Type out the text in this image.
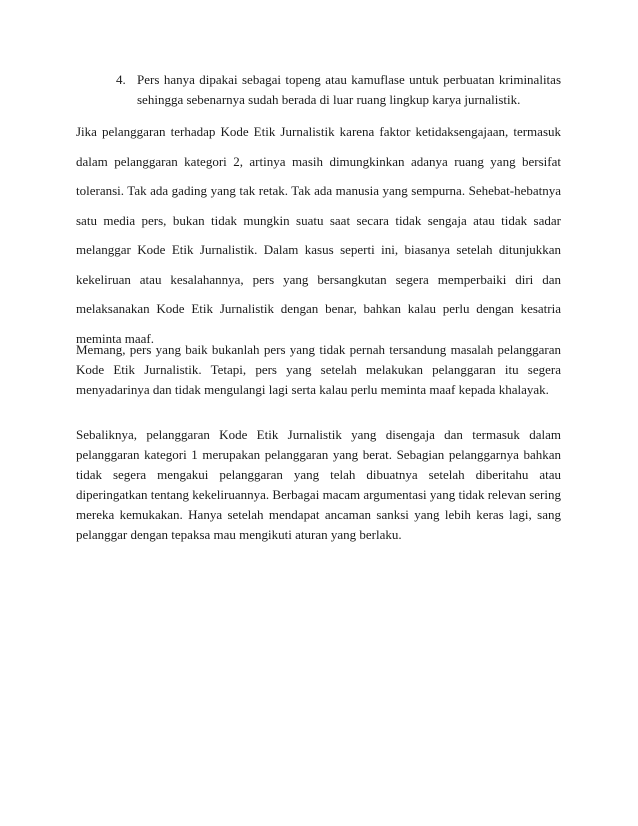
4. Pers hanya dipakai sebagai topeng atau kamuflase untuk perbuatan kriminalitas sehingga sebenarnya sudah berada di luar ruang lingkup karya jurnalistik.

Jika pelanggaran terhadap Kode Etik Jurnalistik karena faktor ketidaksengajaan, termasuk dalam pelanggaran kategori 2, artinya masih dimungkinkan adanya ruang yang bersifat toleransi. Tak ada gading yang tak retak. Tak ada manusia yang sempurna. Sehebat-hebatnya satu media pers, bukan tidak mungkin suatu saat secara tidak sengaja atau tidak sadar melanggar Kode Etik Jurnalistik. Dalam kasus seperti ini, biasanya setelah ditunjukkan kekeliruan atau kesalahannya, pers yang bersangkutan segera memperbaiki diri dan melaksanakan Kode Etik Jurnalistik dengan benar, bahkan kalau perlu dengan kesatria meminta maaf.

Memang, pers yang baik bukanlah pers yang tidak pernah tersandung masalah pelanggaran Kode Etik Jurnalistik. Tetapi, pers yang setelah melakukan pelanggaran itu segera menyadarinya dan tidak mengulangi lagi serta kalau perlu meminta maaf kepada khalayak.

Sebaliknya, pelanggaran Kode Etik Jurnalistik yang disengaja dan termasuk dalam pelanggaran kategori 1 merupakan pelanggaran yang berat. Sebagian pelanggarnya bahkan tidak segera mengakui pelanggaran yang telah dibuatnya setelah diberitahu atau diperingatkan tentang kekeliruannya. Berbagai macam argumentasi yang tidak relevan sering mereka kemukakan. Hanya setelah mendapat ancaman sanksi yang lebih keras lagi, sang pelanggar dengan tepaksa mau mengikuti aturan yang berlaku.
